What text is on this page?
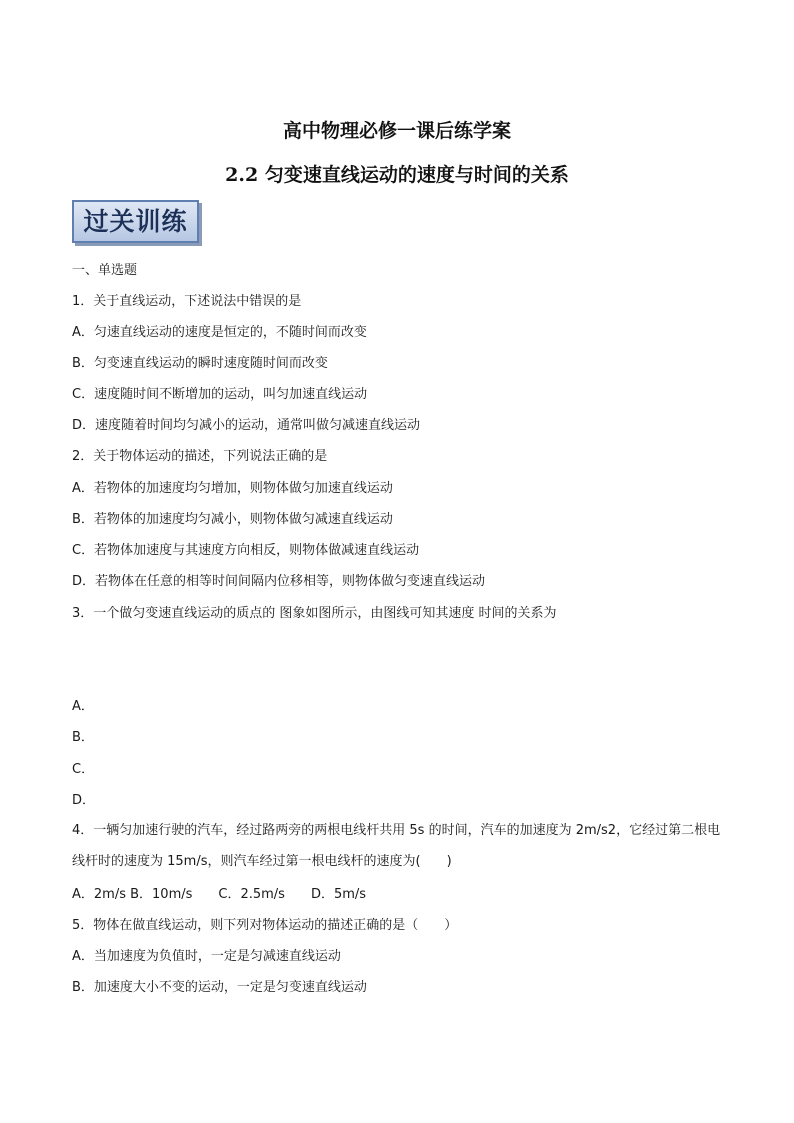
高中物理必修一课后练学案
2.2 匀变速直线运动的速度与时间的关系
过关训练
一、单选题
1．关于直线运动，下述说法中错误的是
A．匀速直线运动的速度是恒定的，不随时间而改变
B．匀变速直线运动的瞬时速度随时间而改变
C．速度随时间不断增加的运动，叫匀加速直线运动
D．速度随着时间均匀减小的运动，通常叫做匀减速直线运动
2．关于物体运动的描述，下列说法正确的是
A．若物体的加速度均匀增加，则物体做匀加速直线运动
B．若物体的加速度均匀减小，则物体做匀减速直线运动
C．若物体加速度与其速度方向相反，则物体做减速直线运动
D．若物体在任意的相等时间间隔内位移相等，则物体做匀变速直线运动
3．一个做匀变速直线运动的质点的 图象如图所示，由图线可知其速度 时间的关系为
A．
B．
C．
D．
4．一辆匀加速行驶的汽车，经过路两旁的两根电线杆共用 5s 的时间，汽车的加速度为 2m/s2，它经过第二根电线杆时的速度为 15m/s，则汽车经过第一根电线杆的速度为(　　)
A．2m/s B．10m/s　　C．2.5m/s　　D．5m/s
5．物体在做直线运动，则下列对物体运动的描述正确的是（　　）
A．当加速度为负值时，一定是匀减速直线运动
B．加速度大小不变的运动，一定是匀变速直线运动
